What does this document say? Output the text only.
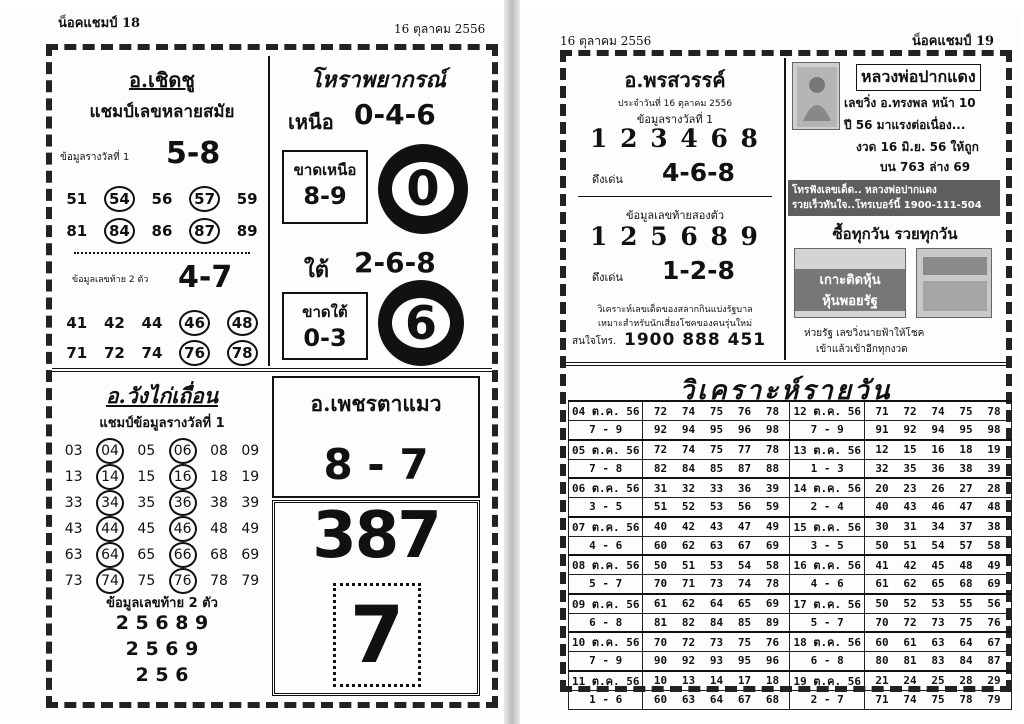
น็อคแชมป์ 18	16 ตุลาคม 2556
อ.เชิดชู
แชมป์เลขหลายสมัย
ข้อมูลรางวัลที่ 1 5-8
51	54	56	57	59
81	84	86	87	89
ข้อมูลเลขท้าย 2 ตัว 4-7
41 42 44	46	48
71 72 74	76	78
โหราพยากรณ์
เหนือ 0-4-6
ขาดเหนือ
8-9	0
ใต้ 2-6-8
ขาดใต้
0-3	6
อ.วังไก่เถื่อน
แชมป์ข้อมูลรางวัลที่ 1
03	04	05	06	08 09
13	14	15	16	18 19
33	34	35	36	38 39
43	44	45	46	48 49
63	64	65	66	68 69
73	74	75	76	78 79
ข้อมูลเลขท้าย 2 ตัว
2 5 6 8 9
2 5 6 9
2 5 6
อ.เพชรตาแมว
8 - 7
387
7
16 ตุลาคม 2556	น็อคแชมป์ 19
อ.พรสวรรค์
ประจำวันที่ 16 ตุลาคม 2556
ข้อมูลรางวัลที่ 1
1 2 3 4 6 8
ดึงเด่น 4-6-8
ข้อมูลเลขท้ายสองตัว
1 2 5 6 8 9
ดึงเด่น 1-2-8
วิเคราะห์เลขเด็ดของสลากกินแบ่งรัฐบาล
เหมาะสำหรับนักเสี่ยงโชคของคนรุ่นใหม่
สนใจโทร. 1900 888 451
หลวงพ่อปากแดง
เลขวิ่ง อ.ทรงพล หน้า 10
ปี 56 มาแรงต่อเนื่อง...
งวด 16 มิ.ย. 56 ให้ถูก
บน 763 ล่าง 69
โทรฟังเลขเด็ด.. หลวงพ่อปากแดง
รวยเร็วทันใจ..โทรเบอร์นี้ 1900-111-504
ซื้อทุกวัน รวยทุกวัน
เกาะติดหุ้น
หุ้นพอยรัฐ
ห่วยรัฐ เลขวิ่งนายฟ้าให้โชค
เข้าแล้วเข้าอีกทุกงวด
วิเคราะห์รายวัน
04 ต.ค. 56	72 74 75 76 78	12 ต.ค. 56	71 72 74 75 78
7 - 9	92 94 95 96 98	7 - 9	91 92 94 95 98
05 ต.ค. 56	72 74 75 77 78	13 ต.ค. 56	12 15 16 18 19
7 - 8	82 84 85 87 88	1 - 3	32 35 36 38 39
06 ต.ค. 56	31 32 33 36 39	14 ต.ค. 56	20 23 26 27 28
3 - 5	51 52 53 56 59	2 - 4	40 43 46 47 48
07 ต.ค. 56	40 42 43 47 49	15 ต.ค. 56	30 31 34 37 38
4 - 6	60 62 63 67 69	3 - 5	50 51 54 57 58
08 ต.ค. 56	50 51 53 54 58	16 ต.ค. 56	41 42 45 48 49
5 - 7	70 71 73 74 78	4 - 6	61 62 65 68 69
09 ต.ค. 56	61 62 64 65 69	17 ต.ค. 56	50 52 53 55 56
6 - 8	81 82 84 85 89	5 - 7	70 72 73 75 76
10 ต.ค. 56	70 72 73 75 76	18 ต.ค. 56	60 61 63 64 67
7 - 9	90 92 93 95 96	6 - 8	80 81 83 84 87
11 ต.ค. 56	10 13 14 17 18	19 ต.ค. 56	21 24 25 28 29
1 - 6	60 63 64 67 68	2 - 7	71 74 75 78 79
